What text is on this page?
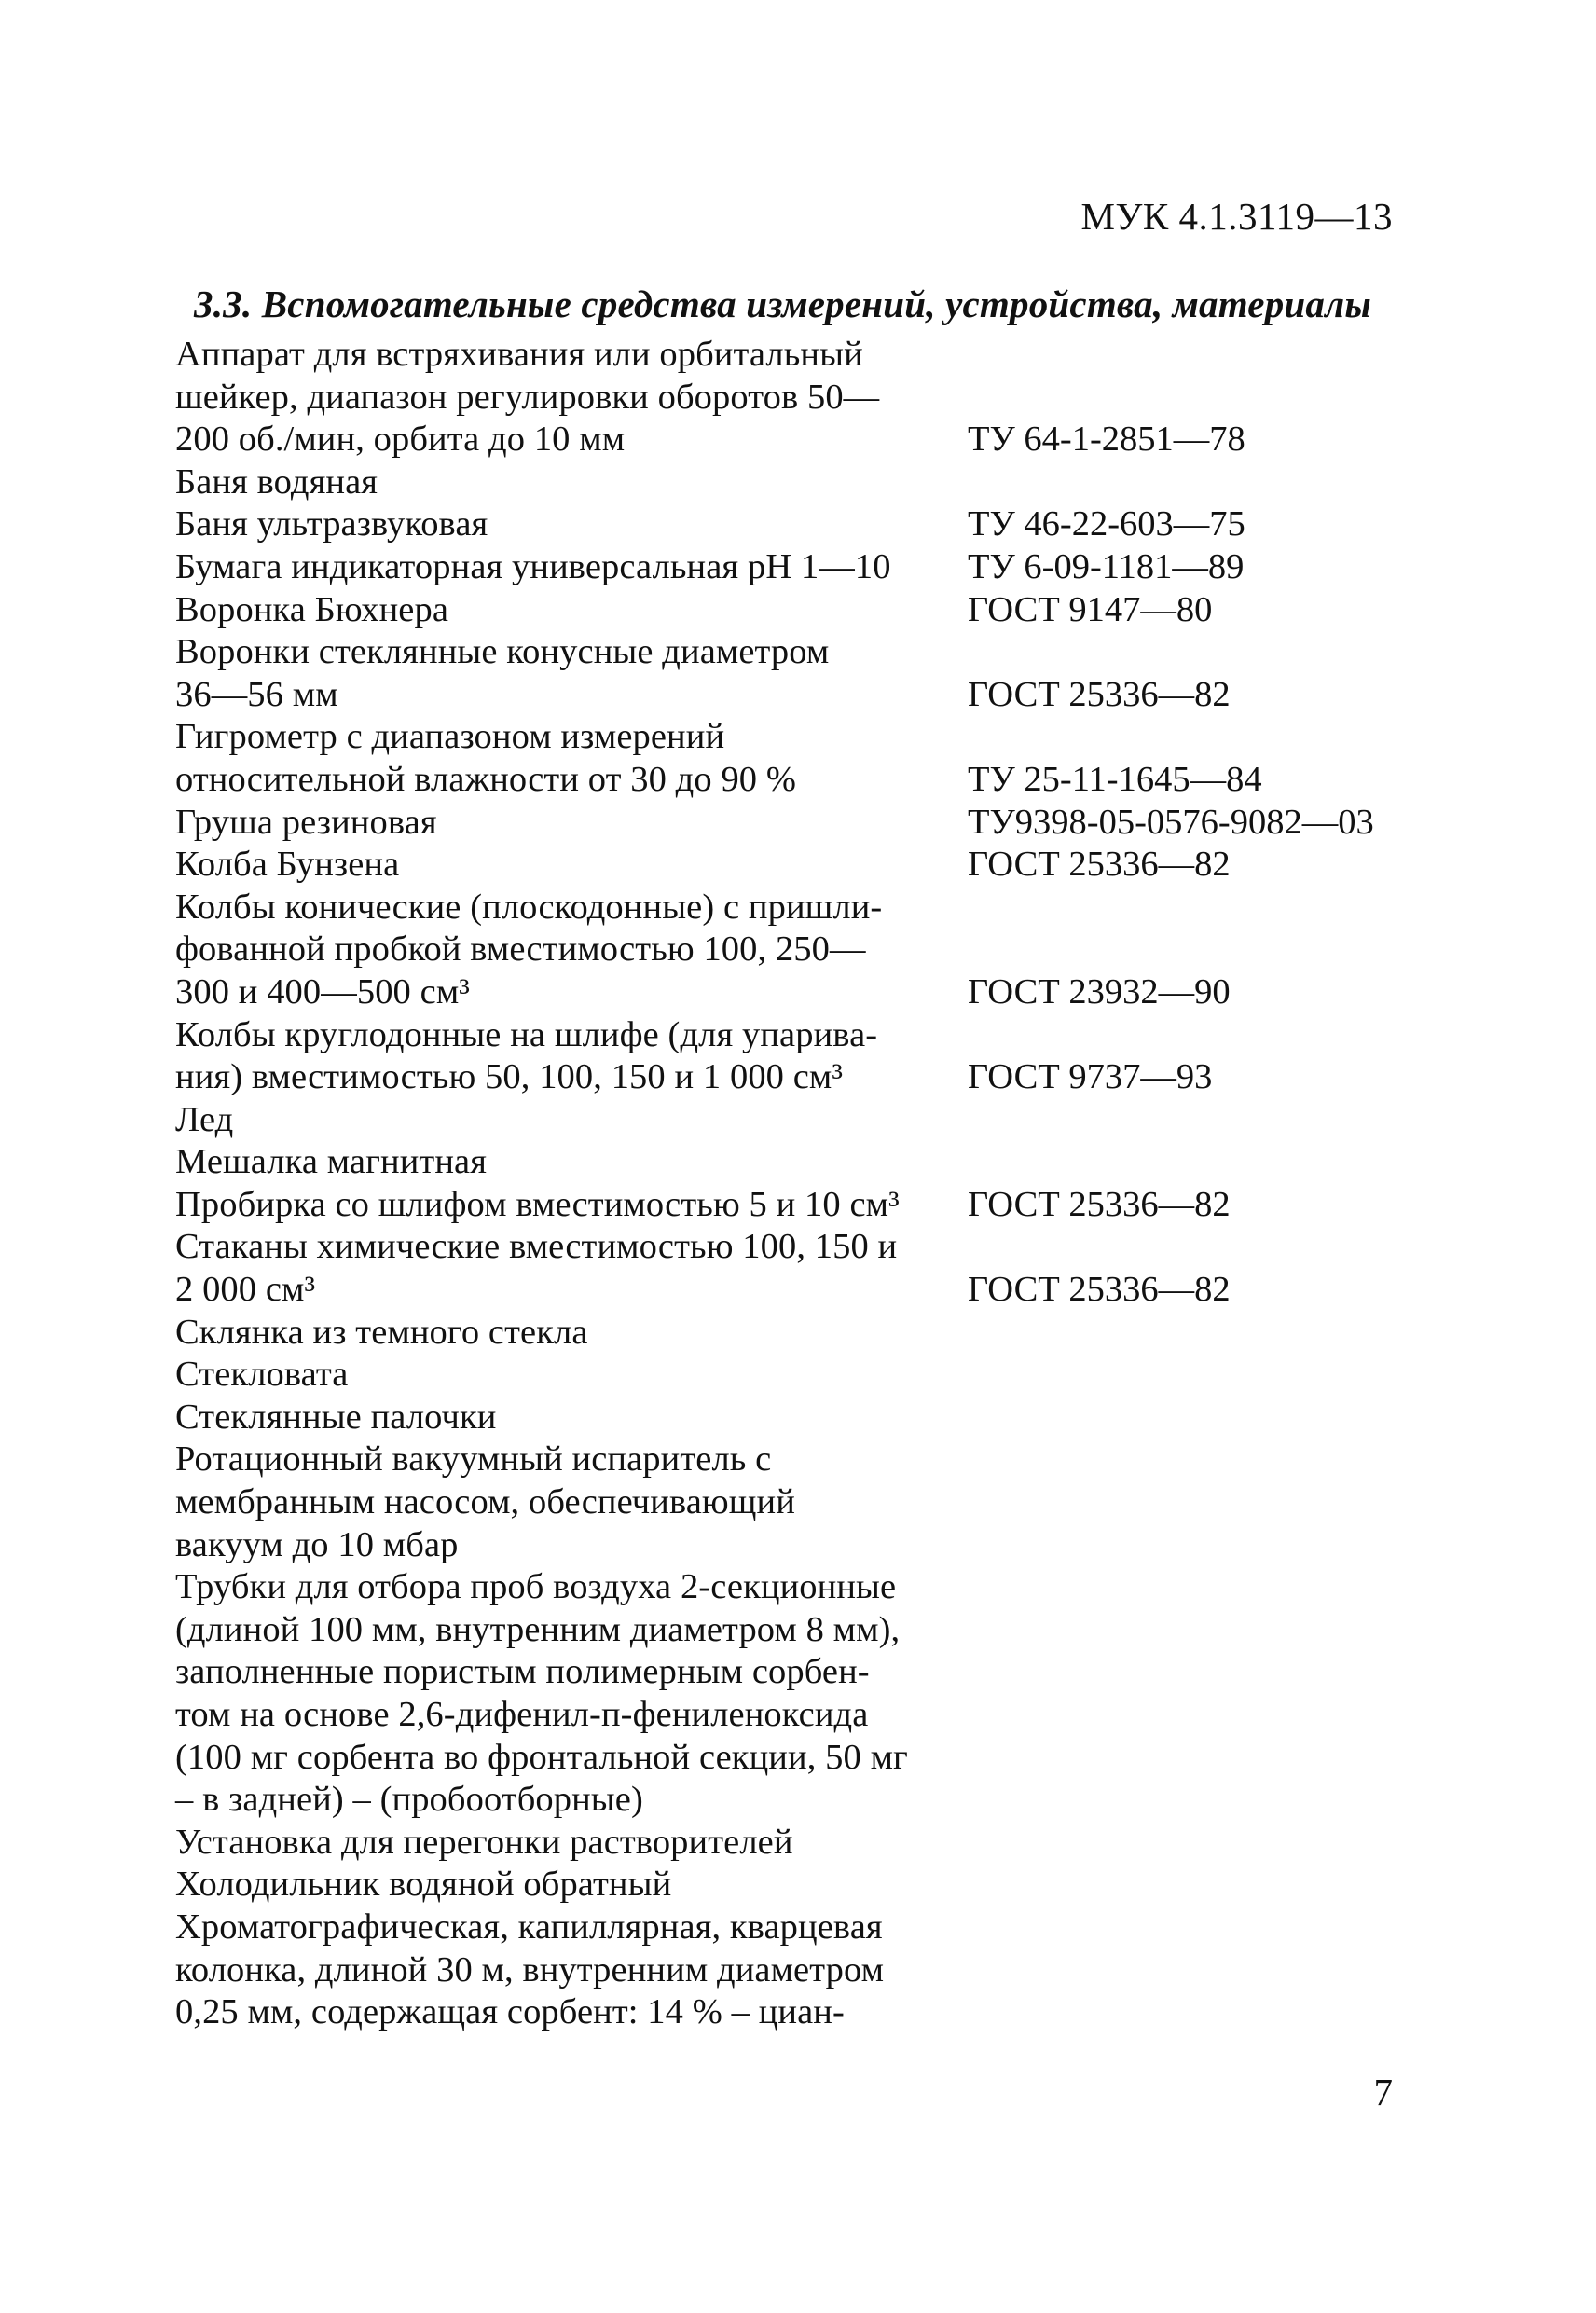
МУК 4.1.3119—13
3.3. Вспомогательные средства измерений, устройства, материалы
Аппарат для встряхивания или орбитальный
шейкер, диапазон регулировки оборотов 50—
200 об./мин, орбита до 10 мм	ТУ 64-1-2851—78
Баня водяная
Баня ультразвуковая	ТУ 46-22-603—75
Бумага индикаторная универсальная pH 1—10	ТУ 6-09-1181—89
Воронка Бюхнера	ГОСТ 9147—80
Воронки стеклянные конусные диаметром
36—56 мм	ГОСТ 25336—82
Гигрометр с диапазоном измерений
относительной влажности от 30 до 90 %	ТУ 25-11-1645—84
Груша резиновая	ТУ9398-05-0576-9082—03
Колба Бунзена	ГОСТ 25336—82
Колбы конические (плоскодонные) с пришли-
фованной пробкой вместимостью 100, 250—
300 и 400—500 см³	ГОСТ 23932—90
Колбы круглодонные на шлифе (для упарива-
ния) вместимостью 50, 100, 150 и 1 000 см³	ГОСТ 9737—93
Лед
Мешалка магнитная
Пробирка со шлифом вместимостью 5 и 10 см³	ГОСТ 25336—82
Стаканы химические вместимостью 100, 150 и
2 000 см³	ГОСТ 25336—82
Склянка из темного стекла
Стекловата
Стеклянные палочки
Ротационный вакуумный испаритель с
мембранным насосом, обеспечивающий
вакуум до 10 мбар
Трубки для отбора проб воздуха 2-секционные
(длиной 100 мм, внутренним диаметром 8 мм),
заполненные пористым полимерным сорбен-
том на основе 2,6-дифенил-п-фениленоксида
(100 мг сорбента во фронтальной секции, 50 мг
– в задней) – (пробоотборные)
Установка для перегонки растворителей
Холодильник водяной обратный
Хроматографическая, капиллярная, кварцевая
колонка, длиной 30 м, внутренним диаметром
0,25 мм, содержащая сорбент: 14 % – циан-
7
